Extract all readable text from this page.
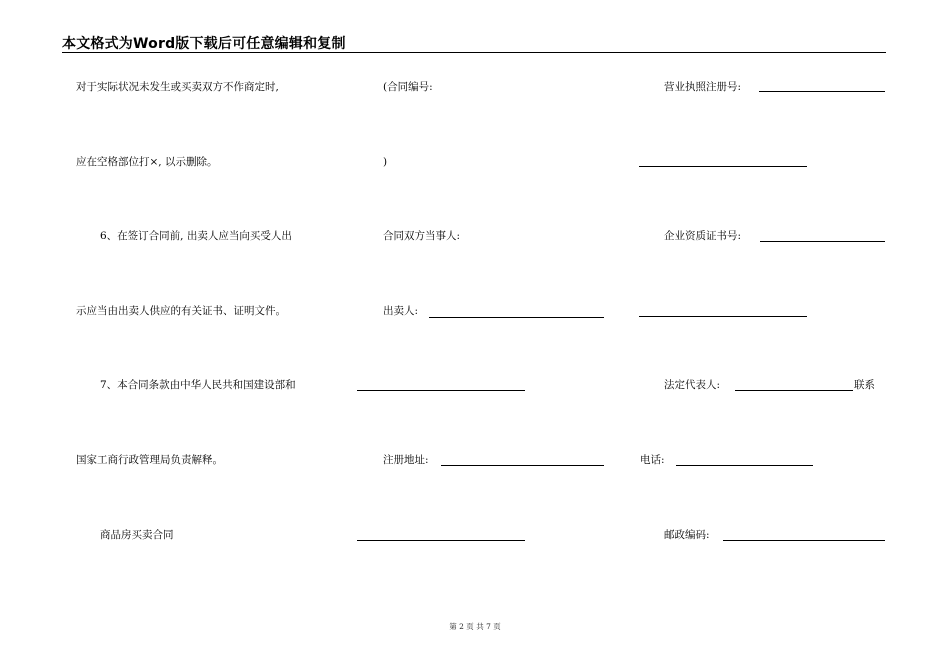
本文格式为Word版下载后可任意编辑和复制
对于实际状况未发生或买卖双方不作商定时,
应在空格部位打×, 以示删除。
6、在签订合同前, 出卖人应当向买受人出
示应当由出卖人供应的有关证书、证明文件。
7、本合同条款由中华人民共和国建设部和
国家工商行政管理局负责解释。
商品房买卖合同
(合同编号:
)
合同双方当事人:
出卖人:
注册地址:
营业执照注册号:
企业资质证书号:
法定代表人:	联系
电话:
邮政编码:
第 2 页 共 7 页
